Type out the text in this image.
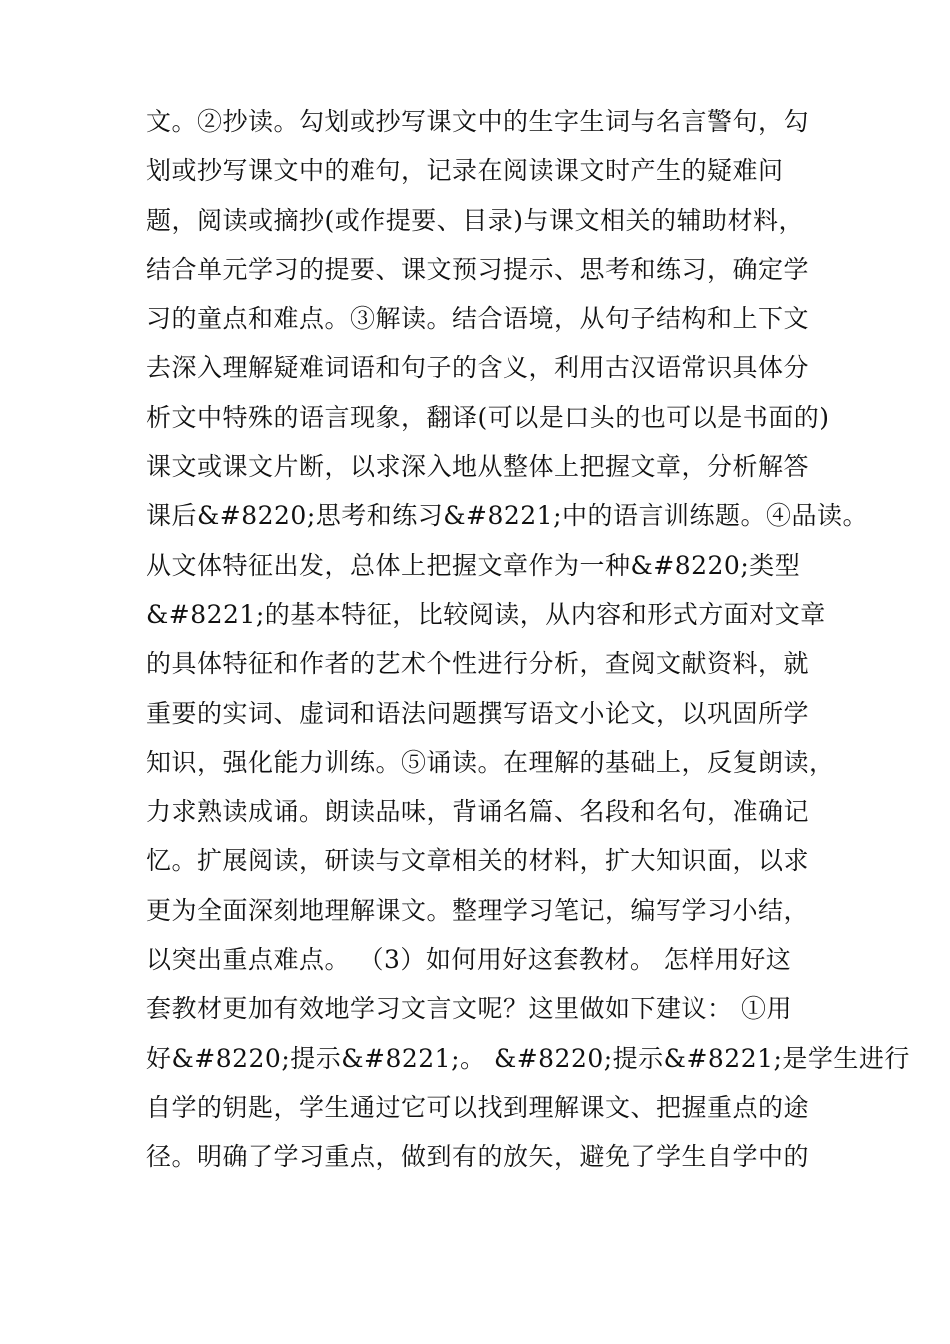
文。②抄读。勾划或抄写课文中的生字生词与名言警句，勾
划或抄写课文中的难句，记录在阅读课文时产生的疑难问
题，阅读或摘抄(或作提要、目录)与课文相关的辅助材料，
结合单元学习的提要、课文预习提示、思考和练习，确定学
习的童点和难点。③解读。结合语境，从句子结构和上下文
去深入理解疑难词语和句子的含义，利用古汉语常识具体分
析文中特殊的语言现象，翻译(可以是口头的也可以是书面的)
课文或课文片断，以求深入地从整体上把握文章，分析解答
课后&#8220;思考和练习&#8221;中的语言训练题。④品读。
从文体特征出发，总体上把握文章作为一种&#8220;类型
&#8221;的基本特征，比较阅读，从内容和形式方面对文章
的具体特征和作者的艺术个性进行分析，查阅文献资料，就
重要的实词、虚词和语法问题撰写语文小论文，以巩固所学
知识，强化能力训练。⑤诵读。在理解的基础上，反复朗读，
力求熟读成诵。朗读品味，背诵名篇、名段和名句，准确记
忆。扩展阅读，研读与文章相关的材料，扩大知识面，以求
更为全面深刻地理解课文。整理学习笔记，编写学习小结，
以突出重点难点。 （3）如何用好这套教材。 怎样用好这
套教材更加有效地学习文言文呢？这里做如下建议： ①用
好&#8220;提示&#8221;。 &#8220;提示&#8221;是学生进行
自学的钥匙，学生通过它可以找到理解课文、把握重点的途
径。明确了学习重点，做到有的放矢，避免了学生自学中的
